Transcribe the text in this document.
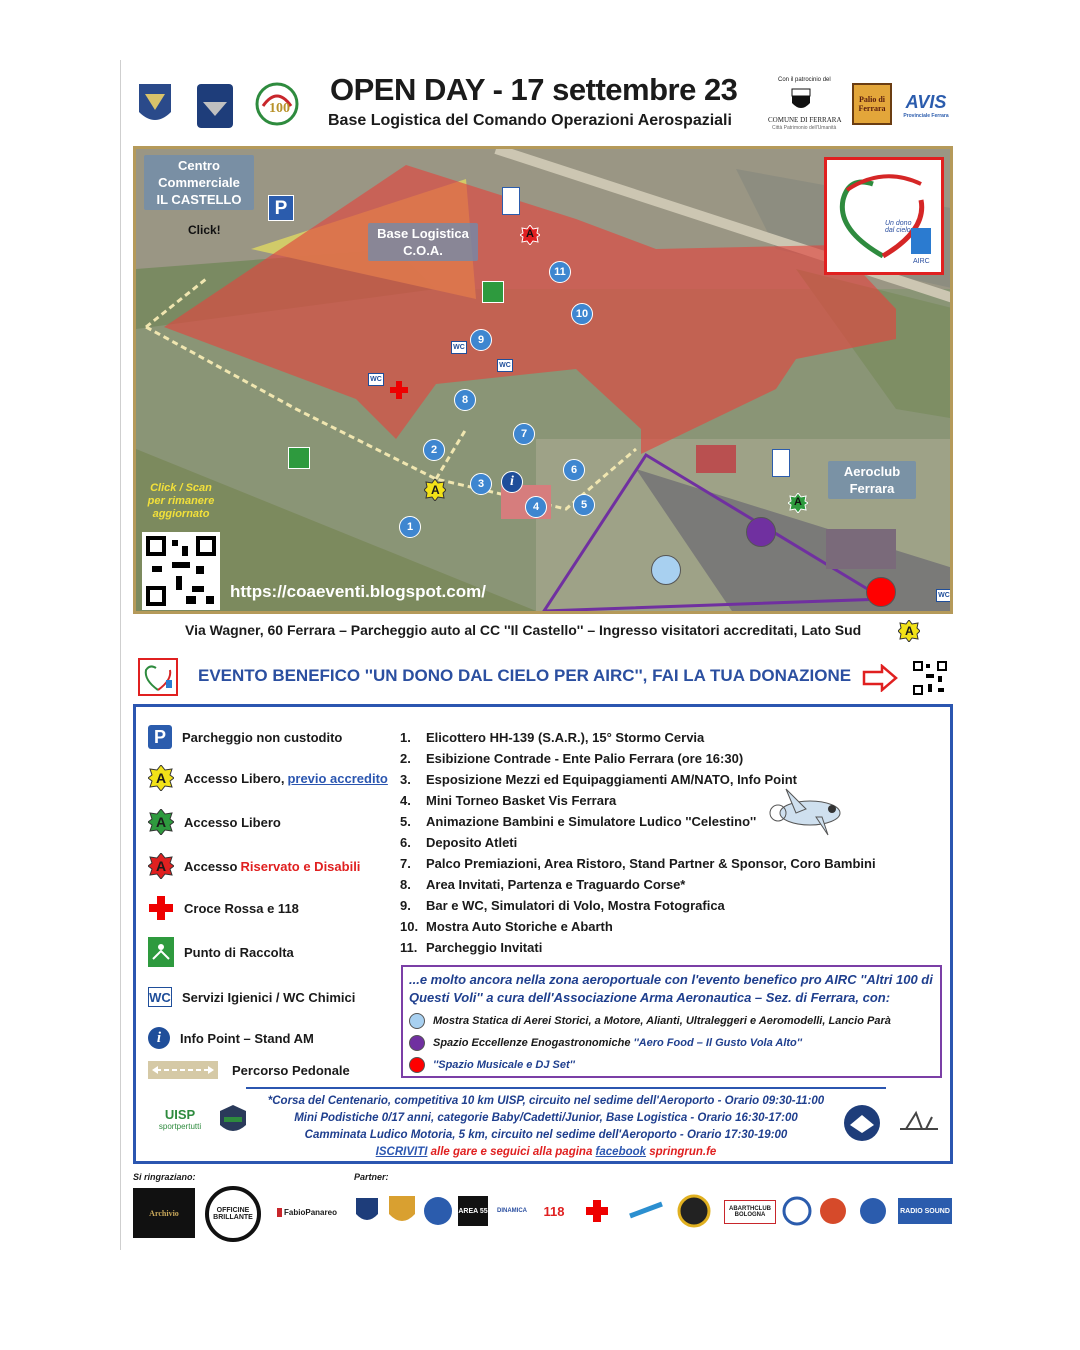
100
OPEN DAY - 17 settembre 23
Base Logistica del Comando Operazioni Aerospaziali
Con il patrocinio del
COMUNE DI FERRARA
Città Patrimonio dell'Umanità
Palio di Ferrara AVIS
Provinciale Ferrara
Centro
Commerciale
IL CASTELLO
Click!
P
Base Logistica
C.O.A.
Aeroclub
Ferrara
Un dono dal cielo
AIRC
1
2
3
4	5
6
7
8
9
10
11
i
WC
WC
WC
WC
A
A
A
Click / Scan
per rimanere
aggiornato
https://coaeventi.blogspot.com/
Via Wagner, 60 Ferrara – Parcheggio auto al CC ''Il Castello'' – Ingresso visitatori accreditati, Lato Sud	A
EVENTO BENEFICO ''UN DONO DAL CIELO PER AIRC'', FAI LA TUA DONAZIONE
P	Parcheggio non custodito
A Accesso Libero, previo accredito
A Accesso Libero
A Accesso Riservato e Disabili
Croce Rossa e 118
Punto di Raccolta
WC Servizi Igienici / WC Chimici
i	Info Point – Stand AM
Percorso Pedonale
1.	Elicottero HH-139 (S.A.R.), 15° Stormo Cervia
2.	Esibizione Contrade - Ente Palio Ferrara (ore 16:30)
3.	Esposizione Mezzi ed Equipaggiamenti AM/NATO, Info Point
4.	Mini Torneo Basket Vis Ferrara
5.	Animazione Bambini e Simulatore Ludico ''Celestino''
6.	Deposito Atleti
7.	Palco Premiazioni, Area Ristoro, Stand Partner & Sponsor, Coro Bambini
8.	Area Invitati, Partenza e Traguardo Corse*
9.	Bar e WC, Simulatori di Volo, Mostra Fotografica
10. Mostra Auto Storiche e Abarth
11. Parcheggio Invitati
...e molto ancora nella zona aeroportuale con l'evento benefico pro AIRC ''Altri 100 di
Questi Voli'' a cura dell'Associazione Arma Aeronautica – Sez. di Ferrara, con:
Mostra Statica di Aerei Storici, a Motore, Alianti, Ultraleggeri e Aeromodelli, Lancio Parà
Spazio Eccellenze Enogastronomiche ''Aero Food – Il Gusto Vola Alto''
''Spazio Musicale e DJ Set''
UISP
sportpertutti
*Corsa del Centenario, competitiva 10 km UISP, circuito nel sedime dell'Aeroporto - Orario 09:30-11:00
Mini Podistiche 0/17 anni, categorie Baby/Cadetti/Junior, Base Logistica - Orario 16:30-17:00
Camminata Ludico Motoria, 5 km, circuito nel sedime dell'Aeroporto - Orario 17:30-19:00
ISCRIVITI alle gare e seguici alla pagina facebook springrun.fe
Si ringraziano:	Partner:
Archivio	OFFICINE BRILLANTE
FabioPanareo	AREA 55 DINAMICA 118	ABARTHCLUB BOLOGNA
RADIO SOUND
